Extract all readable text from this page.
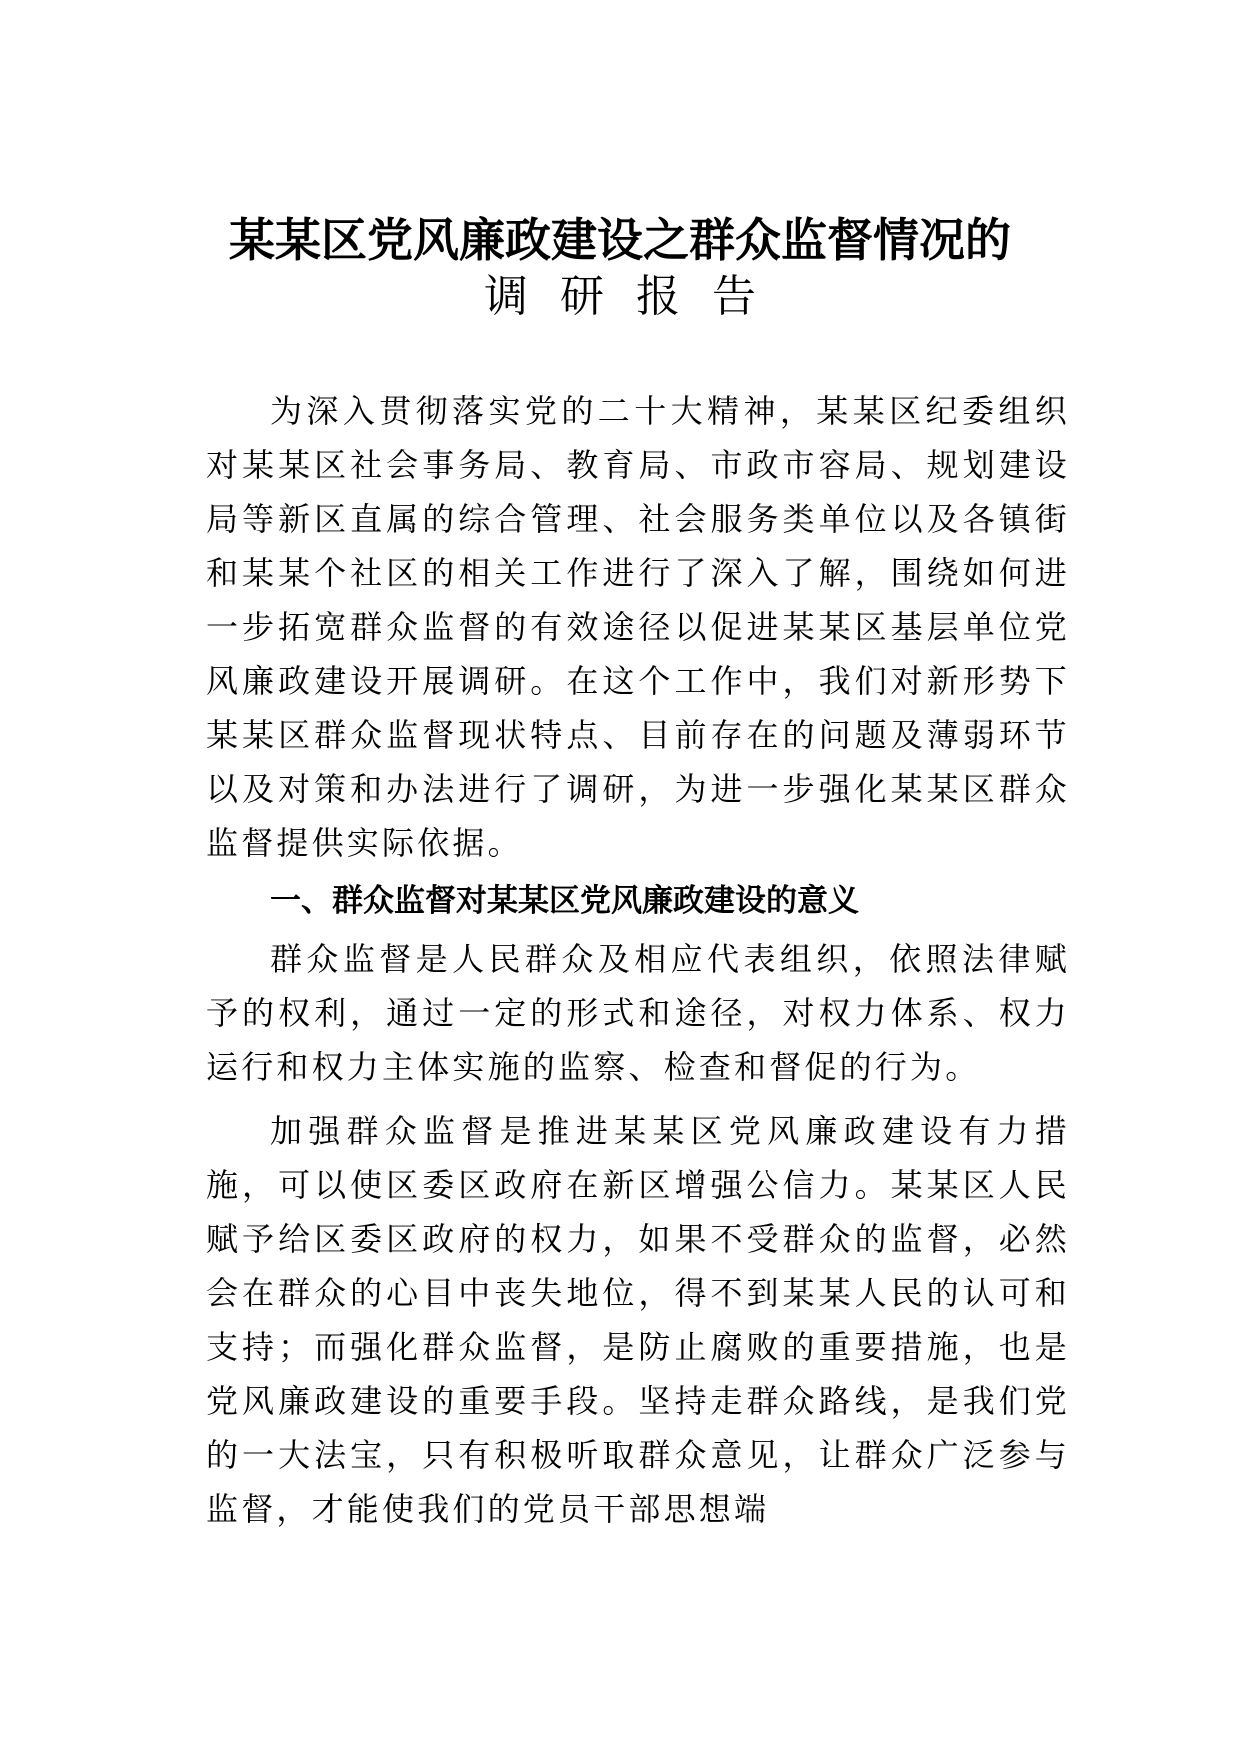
某某区党风廉政建设之群众监督情况的

调研报告

为深入贯彻落实党的二十大精神，某某区纪委组织对某某区社会事务局、教育局、市政市容局、规划建设局等新区直属的综合管理、社会服务类单位以及各镇街和某某个社区的相关工作进行了深入了解，围绕如何进一步拓宽群众监督的有效途径以促进某某区基层单位党风廉政建设开展调研。在这个工作中，我们对新形势下某某区群众监督现状特点、目前存在的问题及薄弱环节以及对策和办法进行了调研，为进一步强化某某区群众监督提供实际依据。

一、群众监督对某某区党风廉政建设的意义

群众监督是人民群众及相应代表组织，依照法律赋予的权利，通过一定的形式和途径，对权力体系、权力运行和权力主体实施的监察、检查和督促的行为。

加强群众监督是推进某某区党风廉政建设有力措施，可以使区委区政府在新区增强公信力。某某区人民赋予给区委区政府的权力，如果不受群众的监督，必然会在群众的心目中丧失地位，得不到某某人民的认可和支持；而强化群众监督，是防止腐败的重要措施，也是党风廉政建设的重要手段。坚持走群众路线，是我们党的一大法宝，只有积极听取群众意见，让群众广泛参与监督，才能使我们的党员干部思想端
